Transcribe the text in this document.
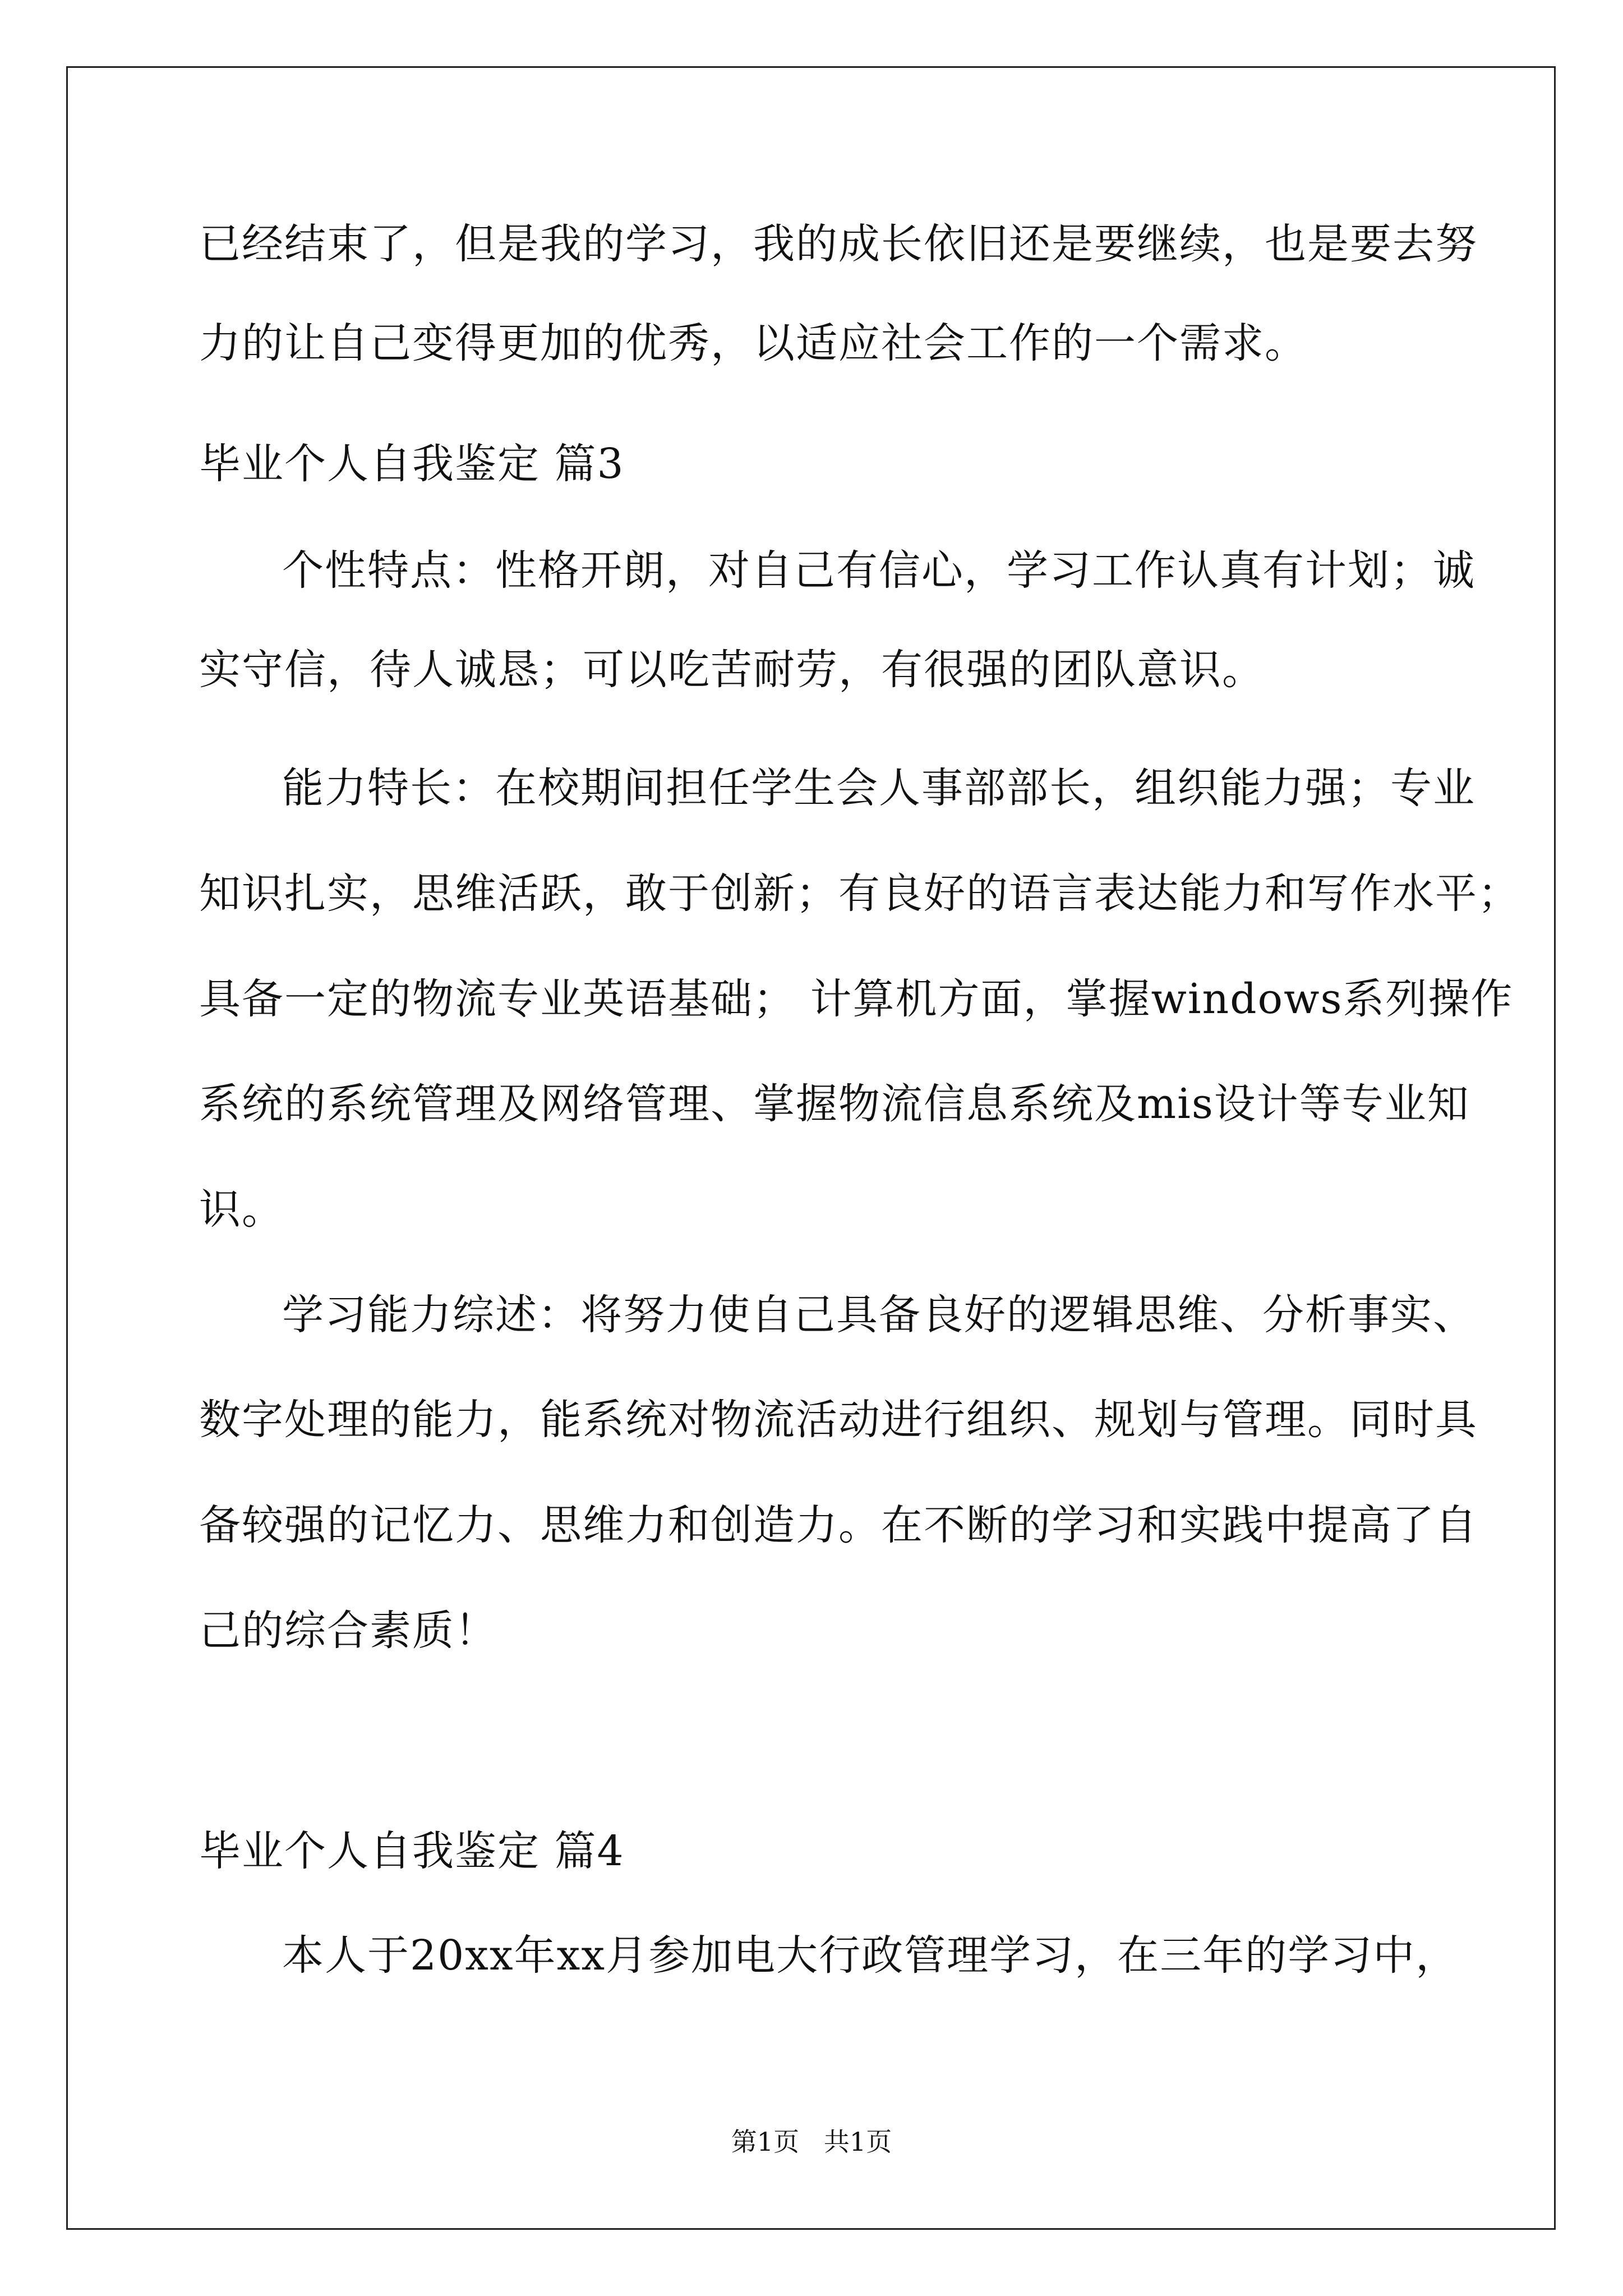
已经结束了，但是我的学习，我的成长依旧还是要继续，也是要去努
力的让自己变得更加的优秀，以适应社会工作的一个需求。
毕业个人自我鉴定 篇3
个性特点：性格开朗，对自己有信心，学习工作认真有计划；诚
实守信，待人诚恳；可以吃苦耐劳，有很强的团队意识。
能力特长：在校期间担任学生会人事部部长，组织能力强；专业
知识扎实，思维活跃，敢于创新；有良好的语言表达能力和写作水平；
具备一定的物流专业英语基础； 计算机方面，掌握windows系列操作
系统的系统管理及网络管理、掌握物流信息系统及mis设计等专业知
识。
学习能力综述：将努力使自己具备良好的逻辑思维、分析事实、
数字处理的能力，能系统对物流活动进行组织、规划与管理。同时具
备较强的记忆力、思维力和创造力。在不断的学习和实践中提高了自
己的综合素质！
毕业个人自我鉴定 篇4
本人于20xx年xx月参加电大行政管理学习，在三年的学习中，
第1页   共1页
